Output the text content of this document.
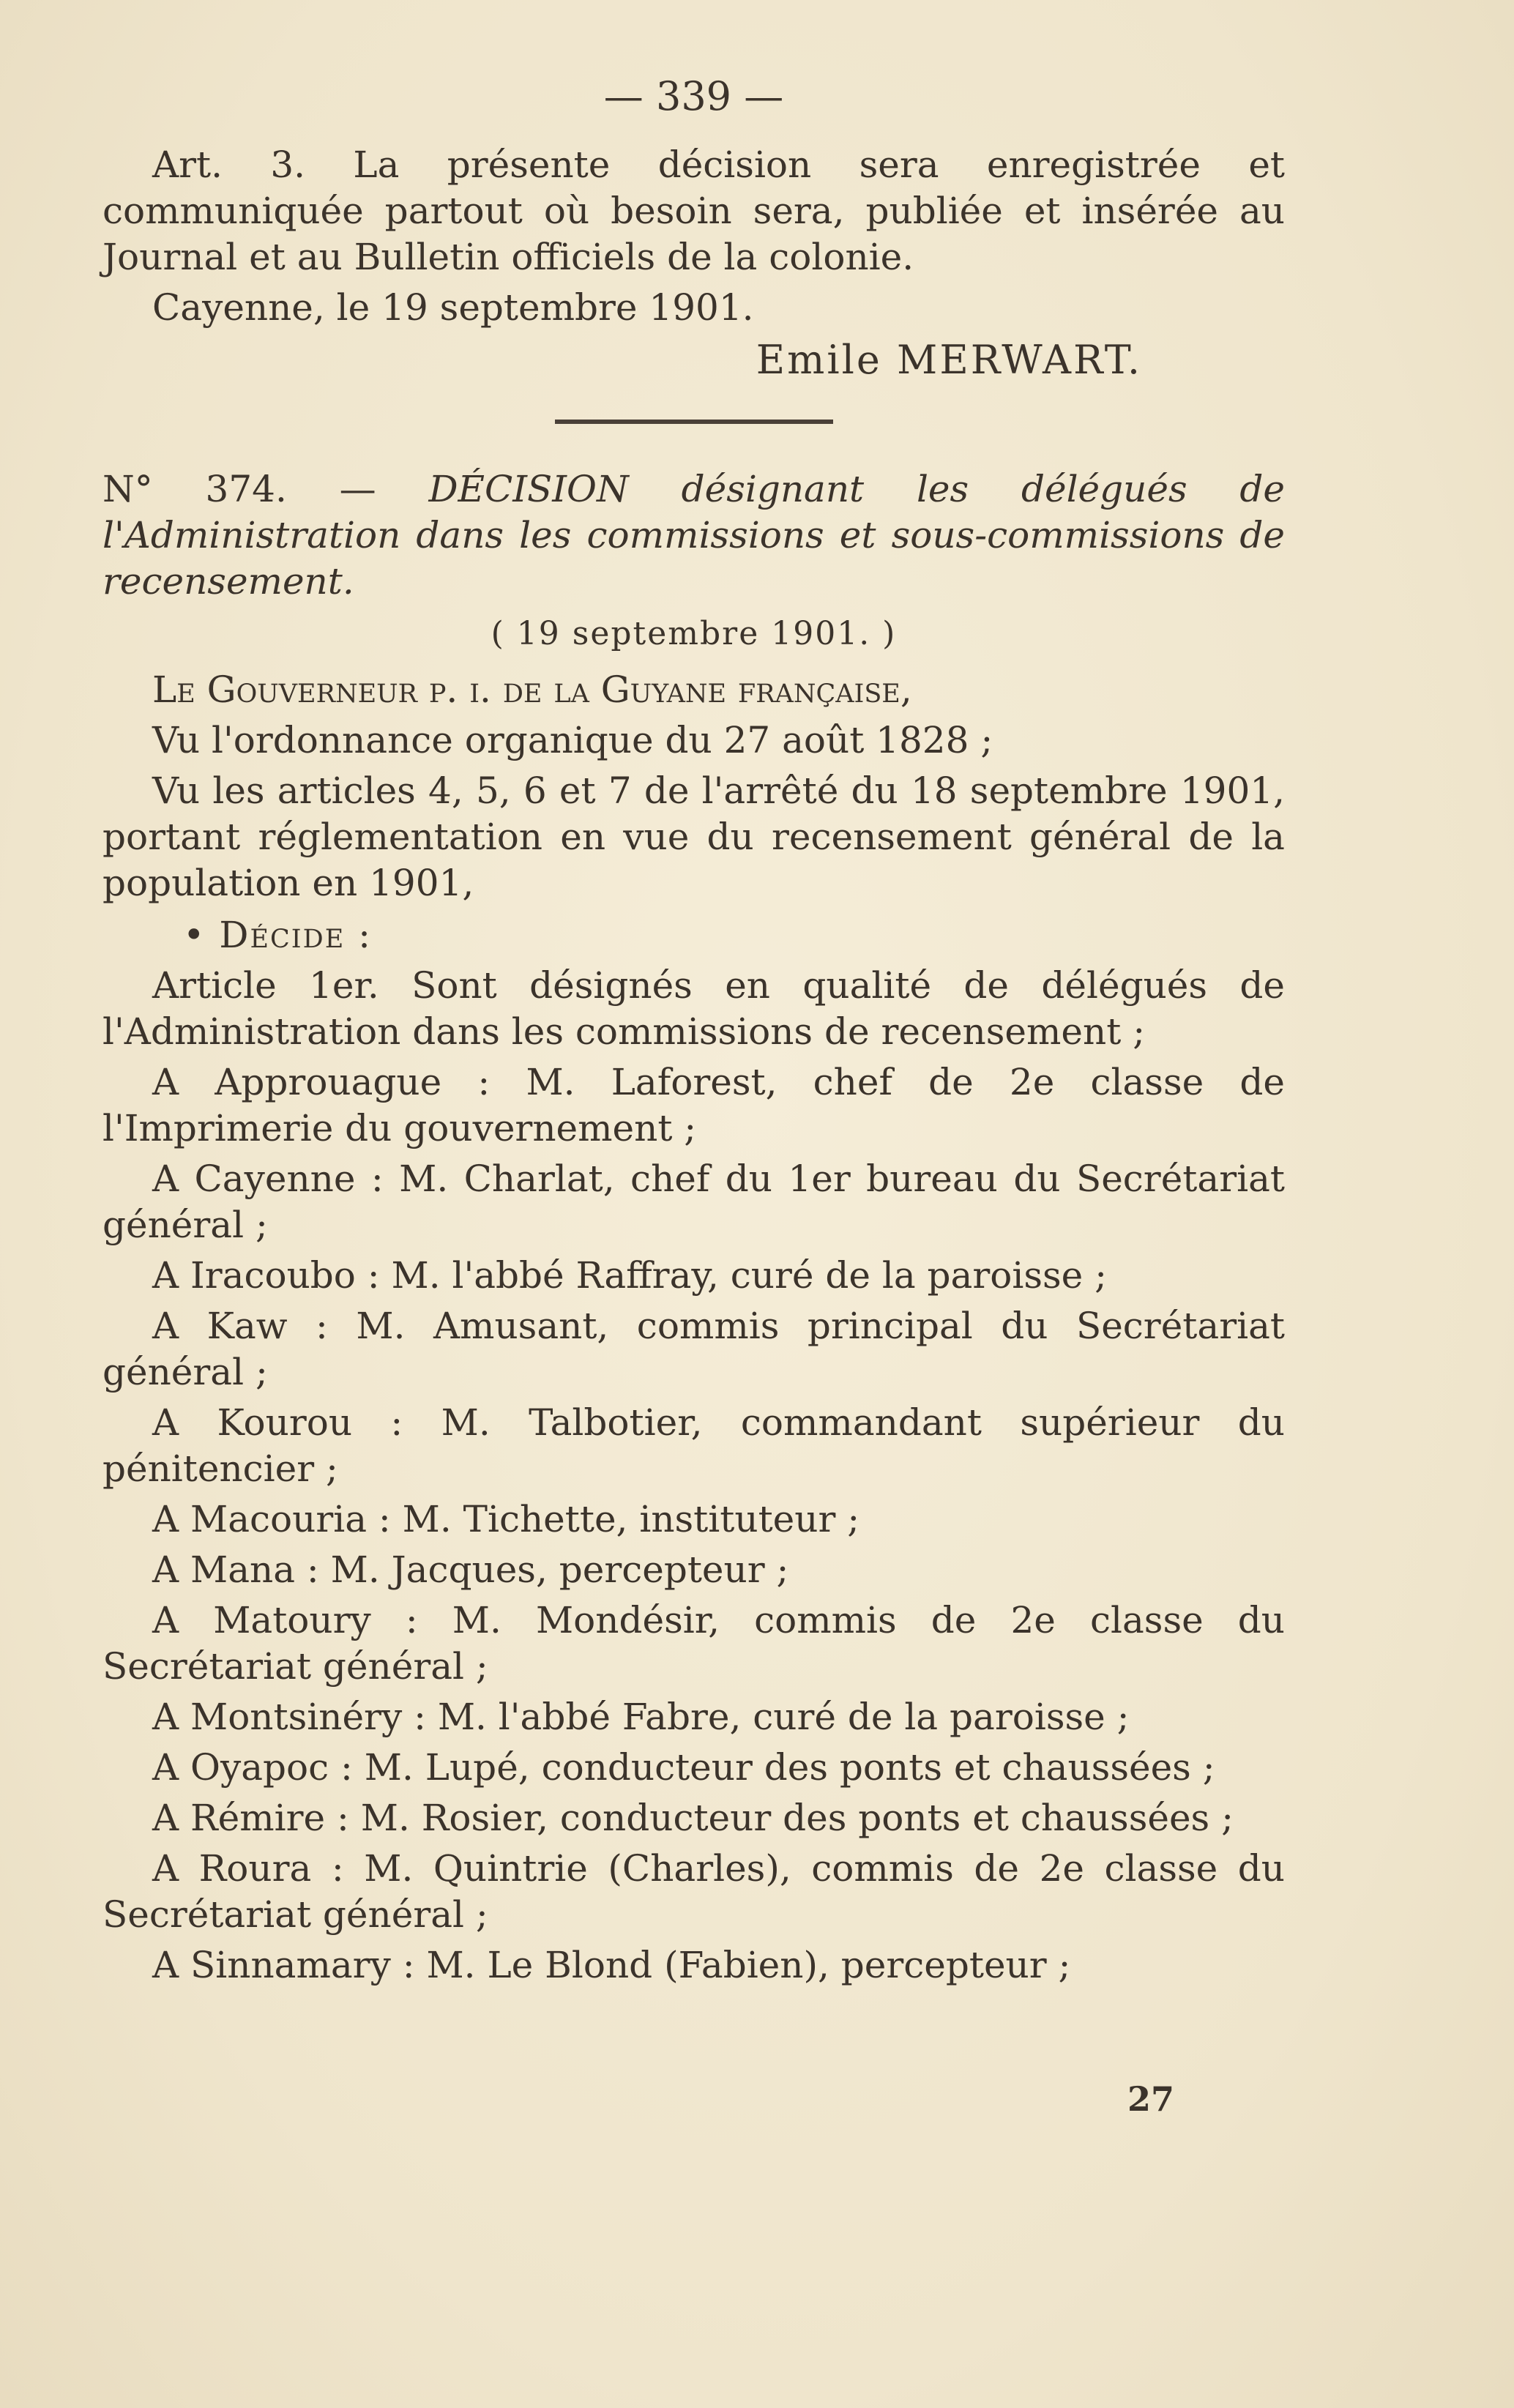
— 339 —

Art. 3. La présente décision sera enregistrée et communiquée partout où besoin sera, publiée et insérée au Journal et au Bulletin officiels de la colonie.

Cayenne, le 19 septembre 1901.

Emile MERWART.

N° 374. — DÉCISION désignant les délégués de l'Administration dans les commissions et sous-commissions de recensement.

( 19 septembre 1901. )

Le Gouverneur p. i. de la Guyane française,

Vu l'ordonnance organique du 27 août 1828 ;

Vu les articles 4, 5, 6 et 7 de l'arrêté du 18 septembre 1901, portant réglementation en vue du recensement général de la population en 1901,

• Décide :

Article 1er. Sont désignés en qualité de délégués de l'Administration dans les commissions de recensement ;

A Approuague : M. Laforest, chef de 2e classe de l'Imprimerie du gouvernement ;

A Cayenne : M. Charlat, chef du 1er bureau du Secrétariat général ;

A Iracoubo : M. l'abbé Raffray, curé de la paroisse ;

A Kaw : M. Amusant, commis principal du Secrétariat général ;

A Kourou : M. Talbotier, commandant supérieur du pénitencier ;

A Macouria : M. Tichette, instituteur ;

A Mana : M. Jacques, percepteur ;

A Matoury : M. Mondésir, commis de 2e classe du Secrétariat général ;

A Montsinéry : M. l'abbé Fabre, curé de la paroisse ;

A Oyapoc : M. Lupé, conducteur des ponts et chaussées ;

A Rémire : M. Rosier, conducteur des ponts et chaussées ;

A Roura : M. Quintrie (Charles), commis de 2e classe du Secrétariat général ;

A Sinnamary : M. Le Blond (Fabien), percepteur ;

27
